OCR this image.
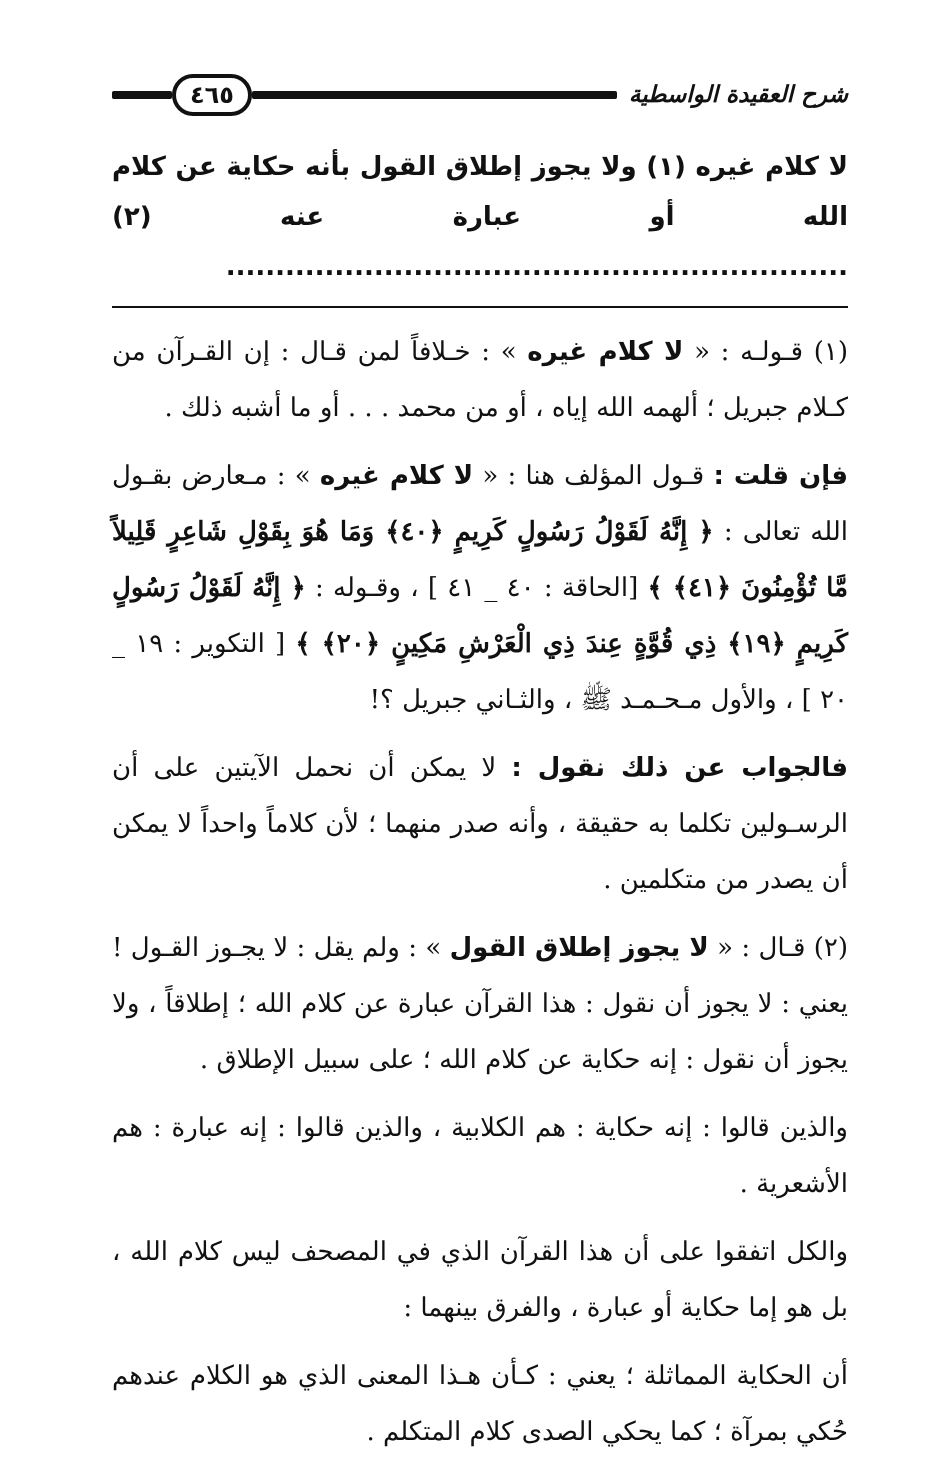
شرح العقيدة الواسطية
٤٦٥
لا كلام غيره (١) ولا يجوز إطلاق القول بأنه حكاية عن كلام الله أو عبارة عنه (٢) ...............................................................

(١) قـولـه : « لا كلام غيره » : خـلافاً لمن قـال : إن القـرآن من كـلام جبريل ؛ ألهمه الله إياه ، أو من محمد . . . أو ما أشبه ذلك .

فإن قلت : قـول المؤلف هنا : « لا كلام غيره » : مـعارض بقـول الله تعالى : ﴿ إِنَّهُ لَقَوْلُ رَسُولٍ كَرِيمٍ ﴿٤٠﴾ وَمَا هُوَ بِقَوْلِ شَاعِرٍ قَلِيلاً مَّا تُؤْمِنُونَ ﴿٤١﴾ ﴾ [الحاقة : ٤٠ _ ٤١ ] ، وقـوله : ﴿ إِنَّهُ لَقَوْلُ رَسُولٍ كَرِيمٍ ﴿١٩﴾ ذِي قُوَّةٍ عِندَ ذِي الْعَرْشِ مَكِينٍ ﴿٢٠﴾ ﴾ [ التكوير : ١٩ _ ٢٠ ] ، والأول مـحـمـد ﷺ ، والثـاني جبريل ؟!

فالجواب عن ذلك نقول : لا يمكن أن نحمل الآيتين على أن الرسـولين تكلما به حقيقة ، وأنه صدر منهما ؛ لأن كلاماً واحداً لا يمكن أن يصدر من متكلمين .

(٢) قـال : « لا يجوز إطلاق القول » : ولم يقل : لا يجـوز القـول ! يعني : لا يجوز أن نقول : هذا القرآن عبارة عن كلام الله ؛ إطلاقاً ، ولا يجوز أن نقول : إنه حكاية عن كلام الله ؛ على سبيل الإطلاق .

والذين قالوا : إنه حكاية : هم الكلابية ، والذين قالوا : إنه عبارة : هم الأشعرية .

والكل اتفقوا على أن هذا القرآن الذي في المصحف ليس كلام الله ، بل هو إما حكاية أو عبارة ، والفرق بينهما :

أن الحكاية المماثلة ؛ يعني : كـأن هـذا المعنى الذي هو الكلام عندهم حُكي بمرآة ؛ كما يحكي الصدى كلام المتكلم .
